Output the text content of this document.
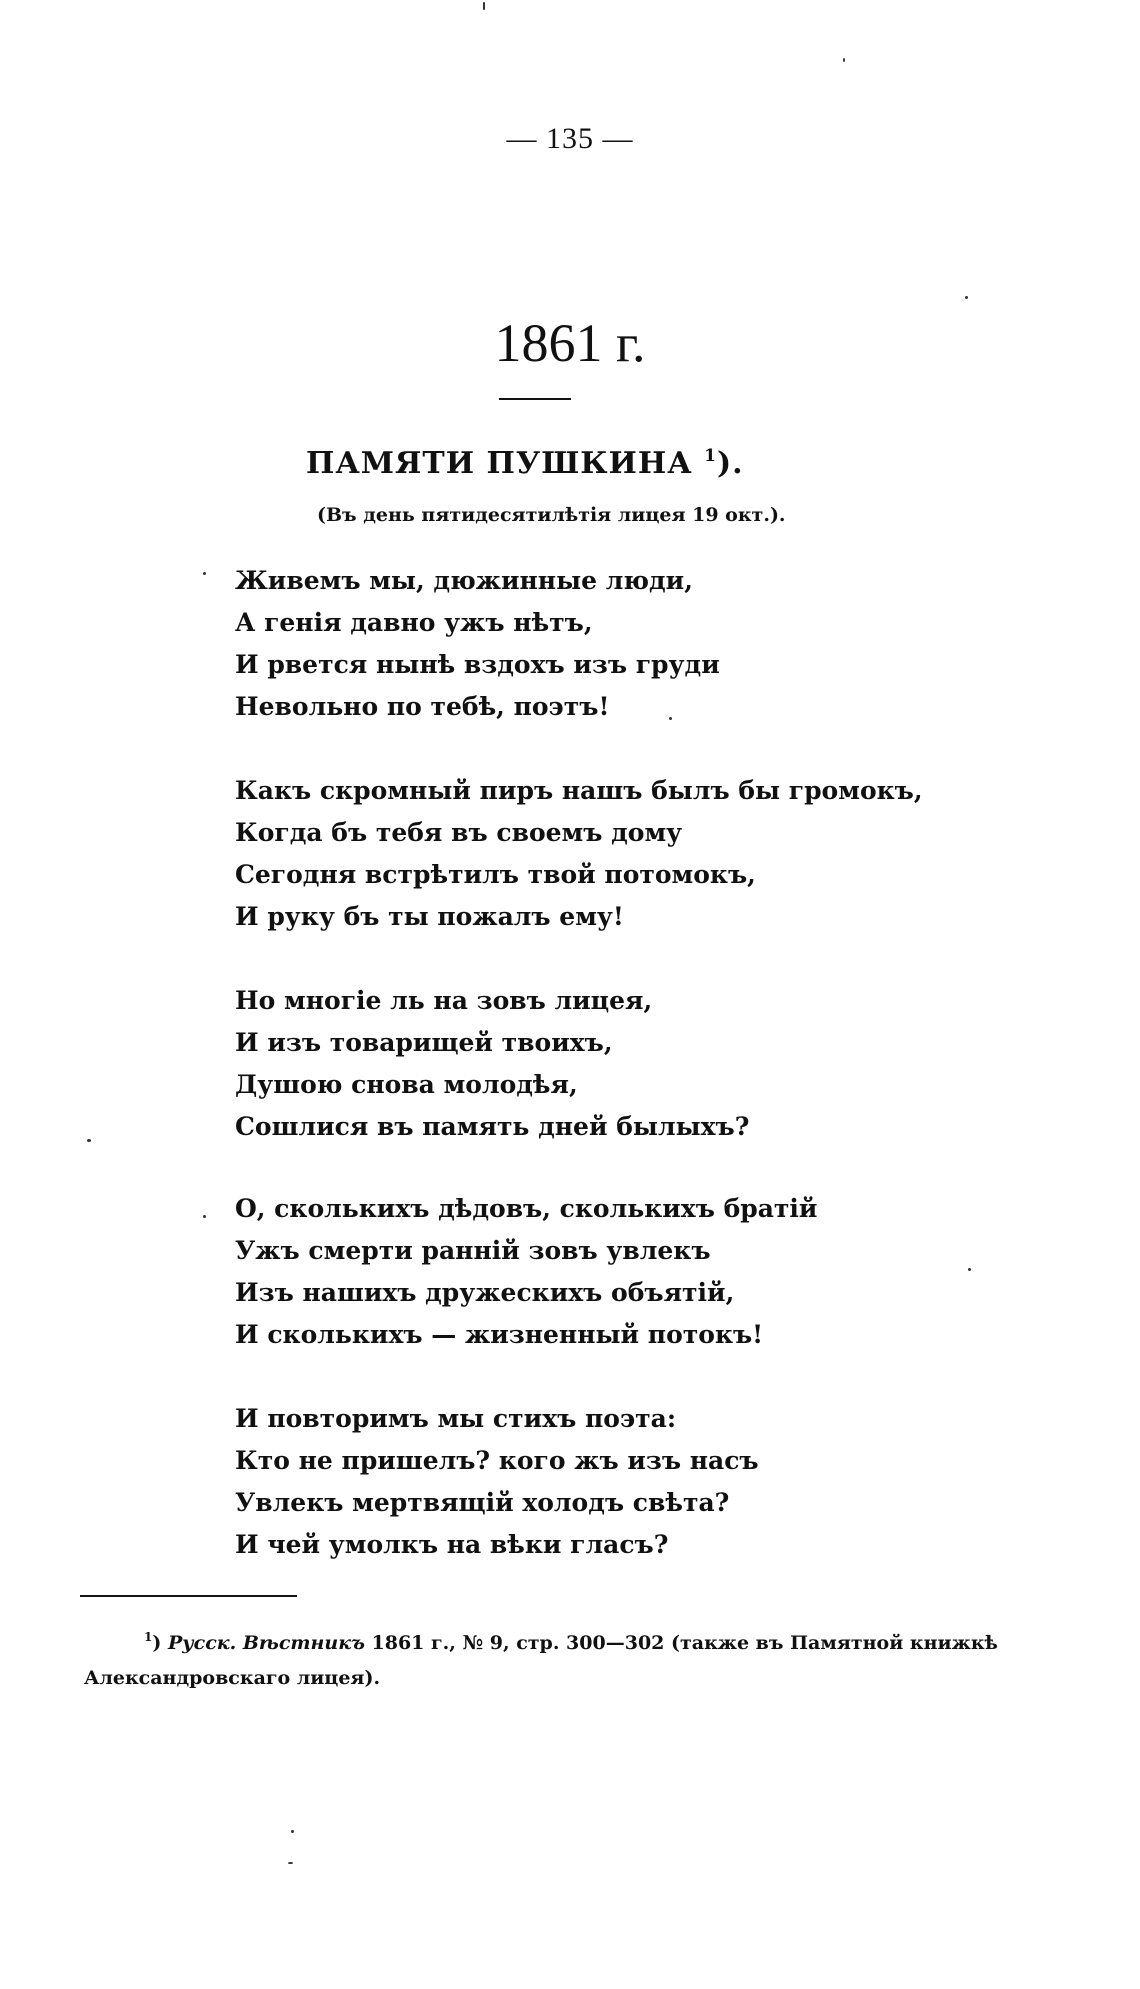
— 135 —
1861 г.
ПАМЯТИ ПУШКИНА $^1$).
(Въ день пятидесятилѣтія лицея 19 окт.).
Живемъ мы, дюжинные люди,
А генія давно ужъ нѣтъ,
И рвется нынѣ вздохъ изъ груди
Невольно по тебѣ, поэтъ!
Какъ скромный пиръ нашъ былъ бы громокъ,
Когда бъ тебя въ своемъ дому
Сегодня встрѣтилъ твой потомокъ,
И руку бъ ты пожалъ ему!
Но многіе ль на зовъ лицея,
И изъ товарищей твоихъ,
Душою снова молодѣя,
Сошлися въ память дней былыхъ?
О, сколькихъ дѣдовъ, сколькихъ братій
Ужъ смерти ранній зовъ увлекъ
Изъ нашихъ дружескихъ объятій,
И сколькихъ — жизненный потокъ!
И повторимъ мы стихъ поэта:
Кто не пришелъ? кого жъ изъ насъ
Увлекъ мертвящій холодъ свѣта?
И чей умолкъ на вѣки гласъ?
$^1$) Русск. Вѣстникъ 1861 г., № 9, стр. 300—302 (также въ Памятной книжкѣ
Александровскаго лицея).
